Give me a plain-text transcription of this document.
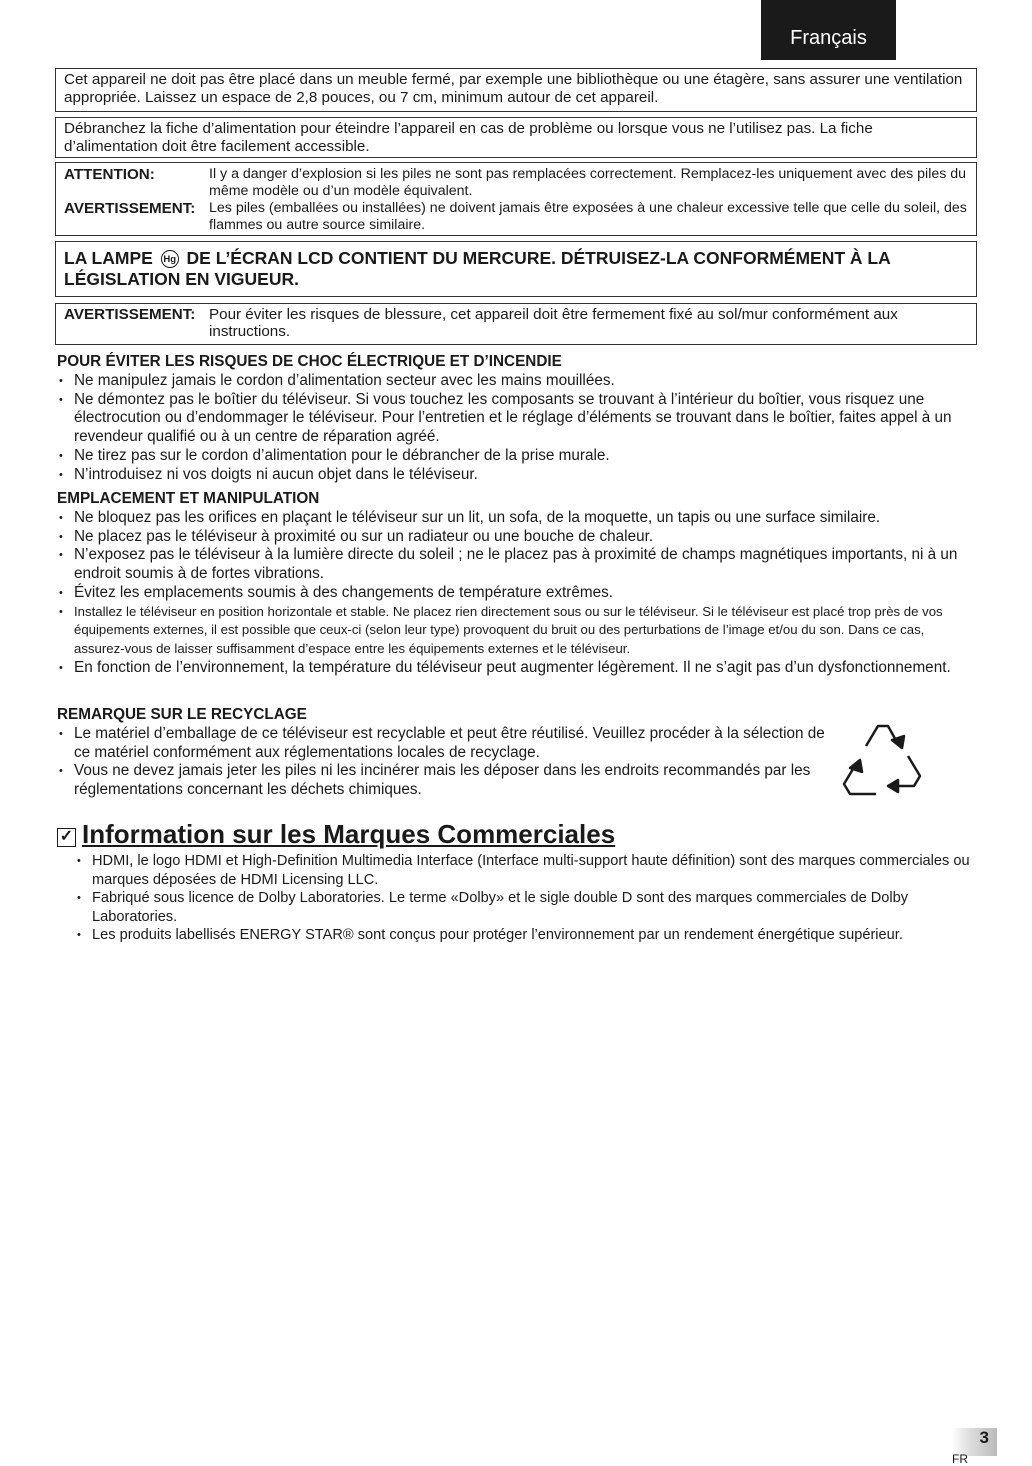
Français
Cet appareil ne doit pas être placé dans un meuble fermé, par exemple une bibliothèque ou une étagère, sans assurer une ventilation appropriée. Laissez un espace de 2,8 pouces, ou 7 cm, minimum autour de cet appareil.
Débranchez la fiche d’alimentation pour éteindre l’appareil en cas de problème ou lorsque vous ne l’utilisez pas. La fiche d’alimentation doit être facilement accessible.
ATTENTION:	Il y a danger d’explosion si les piles ne sont pas remplacées correctement. Remplacez-les uniquement avec des piles du même modèle ou d’un modèle équivalent.
AVERTISSEMENT: Les piles (emballées ou installées) ne doivent jamais être exposées à une chaleur excessive telle que celle du soleil, des flammes ou autre source similaire.
LA LAMPE Hg DE L’ÉCRAN LCD CONTIENT DU MERCURE. DÉTRUISEZ-LA CONFORMÉMENT À LA LÉGISLATION EN VIGUEUR.
AVERTISSEMENT: Pour éviter les risques de blessure, cet appareil doit être fermement fixé au sol/mur conformément aux instructions.
POUR ÉVITER LES RISQUES DE CHOC ÉLECTRIQUE ET D’INCENDIE
• Ne manipulez jamais le cordon d’alimentation secteur avec les mains mouillées.
• Ne démontez pas le boîtier du téléviseur. Si vous touchez les composants se trouvant à l’intérieur du boîtier, vous risquez une électrocution ou d’endommager le téléviseur. Pour l’entretien et le réglage d’éléments se trouvant dans le boîtier, faites appel à un revendeur qualifié ou à un centre de réparation agréé.
• Ne tirez pas sur le cordon d’alimentation pour le débrancher de la prise murale.
• N’introduisez ni vos doigts ni aucun objet dans le téléviseur.
EMPLACEMENT ET MANIPULATION
• Ne bloquez pas les orifices en plaçant le téléviseur sur un lit, un sofa, de la moquette, un tapis ou une surface similaire.
• Ne placez pas le téléviseur à proximité ou sur un radiateur ou une bouche de chaleur.
• N’exposez pas le téléviseur à la lumière directe du soleil ; ne le placez pas à proximité de champs magnétiques importants, ni à un endroit soumis à de fortes vibrations.
• Évitez les emplacements soumis à des changements de température extrêmes.
• Installez le téléviseur en position horizontale et stable. Ne placez rien directement sous ou sur le téléviseur. Si le téléviseur est placé trop près de vos équipements externes, il est possible que ceux-ci (selon leur type) provoquent du bruit ou des perturbations de l’image et/ou du son. Dans ce cas, assurez-vous de laisser suffisamment d’espace entre les équipements externes et le téléviseur.
• En fonction de l’environnement, la température du téléviseur peut augmenter légèrement. Il ne s’agit pas d’un dysfonctionnement.
REMARQUE SUR LE RECYCLAGE
• Le matériel d’emballage de ce téléviseur est recyclable et peut être réutilisé. Veuillez procéder à la sélection de ce matériel conformément aux réglementations locales de recyclage.
• Vous ne devez jamais jeter les piles ni les incinérer mais les déposer dans les endroits recommandés par les réglementations concernant les déchets chimiques.
✓ Information sur les Marques Commerciales
• HDMI, le logo HDMI et High-Definition Multimedia Interface (Interface multi-support haute définition) sont des marques commerciales ou marques déposées de HDMI Licensing LLC.
• Fabriqué sous licence de Dolby Laboratories. Le terme «Dolby» et le sigle double D sont des marques commerciales de Dolby Laboratories.
• Les produits labellisés ENERGY STAR® sont conçus pour protéger l’environnement par un rendement énergétique supérieur.
3
FR
